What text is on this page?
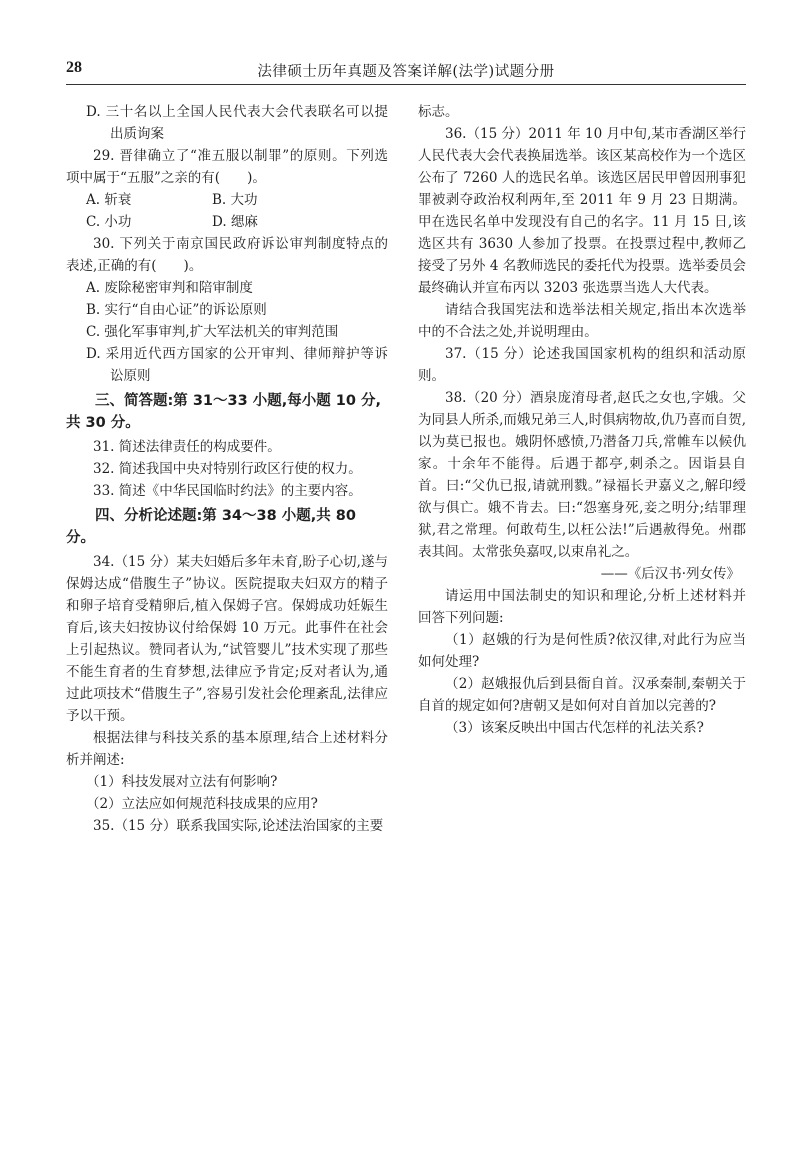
28	法律硕士历年真题及答案详解(法学)试题分册

D. 三十名以上全国人民代表大会代表联名可以提出质询案

29. 晋律确立了“准五服以制罪”的原则。下列选项中属于“五服”之亲的有(　　)。

A. 斩衰	B. 大功
C. 小功	D. 缌麻

30. 下列关于南京国民政府诉讼审判制度特点的表述,正确的有(　　)。

A. 废除秘密审判和陪审制度

B. 实行“自由心证”的诉讼原则

C. 强化军事审判,扩大军法机关的审判范围

D. 采用近代西方国家的公开审判、律师辩护等诉讼原则

三、简答题:第 31～33 小题,每小题 10 分,共 30 分。

31. 简述法律责任的构成要件。

32. 简述我国中央对特别行政区行使的权力。

33. 简述《中华民国临时约法》的主要内容。

四、分析论述题:第 34～38 小题,共 80 分。

34.（15 分）某夫妇婚后多年未育,盼子心切,遂与保姆达成“借腹生子”协议。医院提取夫妇双方的精子和卵子培育受精卵后,植入保姆子宫。保姆成功妊娠生育后,该夫妇按协议付给保姆 10 万元。此事件在社会上引起热议。赞同者认为,“试管婴儿”技术实现了那些不能生育者的生育梦想,法律应予肯定;反对者认为,通过此项技术“借腹生子”,容易引发社会伦理紊乱,法律应予以干预。

根据法律与科技关系的基本原理,结合上述材料分析并阐述:

（1）科技发展对立法有何影响?

（2）立法应如何规范科技成果的应用?

35.（15 分）联系我国实际,论述法治国家的主要

标志。

36.（15 分）2011 年 10 月中旬,某市香湖区举行人民代表大会代表换届选举。该区某高校作为一个选区公布了 7260 人的选民名单。该选区居民甲曾因刑事犯罪被剥夺政治权利两年,至 2011 年 9 月 23 日期满。甲在选民名单中发现没有自己的名字。11 月 15 日,该选区共有 3630 人参加了投票。在投票过程中,教师乙接受了另外 4 名教师选民的委托代为投票。选举委员会最终确认并宣布丙以 3203 张选票当选人大代表。

请结合我国宪法和选举法相关规定,指出本次选举中的不合法之处,并说明理由。

37.（15 分）论述我国国家机构的组织和活动原则。

38.（20 分）酒泉庞淯母者,赵氏之女也,字娥。父为同县人所杀,而娥兄弟三人,时俱病物故,仇乃喜而自贺,以为莫已报也。娥阴怀感愤,乃潜备刀兵,常帷车以候仇家。十余年不能得。后遇于都亭,刺杀之。因诣县自首。曰:“父仇已报,请就刑戮。”禄福长尹嘉义之,解印绶欲与俱亡。娥不肯去。曰:“怨塞身死,妾之明分;结罪理狱,君之常理。何敢苟生,以枉公法!”后遇赦得免。州郡表其闾。太常张奂嘉叹,以束帛礼之。

——《后汉书·列女传》

请运用中国法制史的知识和理论,分析上述材料并回答下列问题:

（1）赵娥的行为是何性质?依汉律,对此行为应当如何处理?

（2）赵娥报仇后到县衙自首。汉承秦制,秦朝关于自首的规定如何?唐朝又是如何对自首加以完善的?

（3）该案反映出中国古代怎样的礼法关系?
